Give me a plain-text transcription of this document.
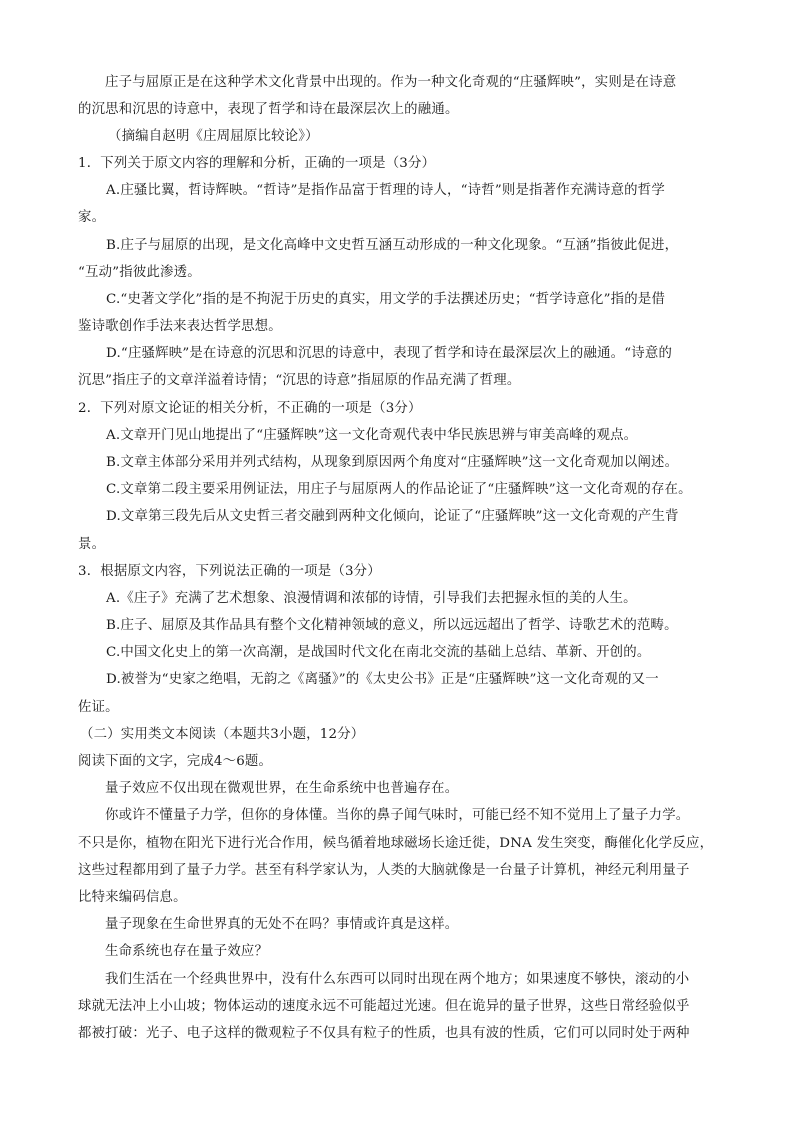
庄子与屈原正是在这种学术文化背景中出现的。作为一种文化奇观的“庄骚辉映”，实则是在诗意
的沉思和沉思的诗意中，表现了哲学和诗在最深层次上的融通。
（摘编自赵明《庄周屈原比较论》）
1．下列关于原文内容的理解和分析，正确的一项是（3分）
A.庄骚比翼，哲诗辉映。“哲诗”是指作品富于哲理的诗人，“诗哲”则是指著作充满诗意的哲学
家。
B.庄子与屈原的出现，是文化高峰中文史哲互涵互动形成的一种文化现象。“互涵”指彼此促进，
“互动”指彼此渗透。
C.“史著文学化”指的是不拘泥于历史的真实，用文学的手法撰述历史；“哲学诗意化”指的是借
鉴诗歌创作手法来表达哲学思想。
D.“庄骚辉映”是在诗意的沉思和沉思的诗意中，表现了哲学和诗在最深层次上的融通。“诗意的
沉思”指庄子的文章洋溢着诗情；“沉思的诗意”指屈原的作品充满了哲理。
2．下列对原文论证的相关分析，不正确的一项是（3分）
A.文章开门见山地提出了“庄骚辉映”这一文化奇观代表中华民族思辨与审美高峰的观点。
B.文章主体部分采用并列式结构，从现象到原因两个角度对“庄骚辉映”这一文化奇观加以阐述。
C.文章第二段主要采用例证法，用庄子与屈原两人的作品论证了“庄骚辉映”这一文化奇观的存在。
D.文章第三段先后从文史哲三者交融到两种文化倾向，论证了“庄骚辉映”这一文化奇观的产生背
景。
3．根据原文内容，下列说法正确的一项是（3分）
A.《庄子》充满了艺术想象、浪漫情调和浓郁的诗情，引导我们去把握永恒的美的人生。
B.庄子、屈原及其作品具有整个文化精神领域的意义，所以远远超出了哲学、诗歌艺术的范畴。
C.中国文化史上的第一次高潮，是战国时代文化在南北交流的基础上总结、革新、开创的。
D.被誉为“史家之绝唱，无韵之《离骚》”的《太史公书》正是“庄骚辉映”这一文化奇观的又一
佐证。
（二）实用类文本阅读（本题共3小题，12分）
阅读下面的文字，完成4～6题。
量子效应不仅出现在微观世界，在生命系统中也普遍存在。
你或许不懂量子力学，但你的身体懂。当你的鼻子闻气味时，可能已经不知不觉用上了量子力学。
不只是你，植物在阳光下进行光合作用，候鸟循着地球磁场长途迁徙，DNA 发生突变，酶催化化学反应，
这些过程都用到了量子力学。甚至有科学家认为，人类的大脑就像是一台量子计算机，神经元利用量子
比特来编码信息。
量子现象在生命世界真的无处不在吗？事情或许真是这样。
生命系统也存在量子效应？
我们生活在一个经典世界中，没有什么东西可以同时出现在两个地方；如果速度不够快，滚动的小
球就无法冲上小山坡；物体运动的速度永远不可能超过光速。但在诡异的量子世界，这些日常经验似乎
都被打破：光子、电子这样的微观粒子不仅具有粒子的性质，也具有波的性质，它们可以同时处于两种
